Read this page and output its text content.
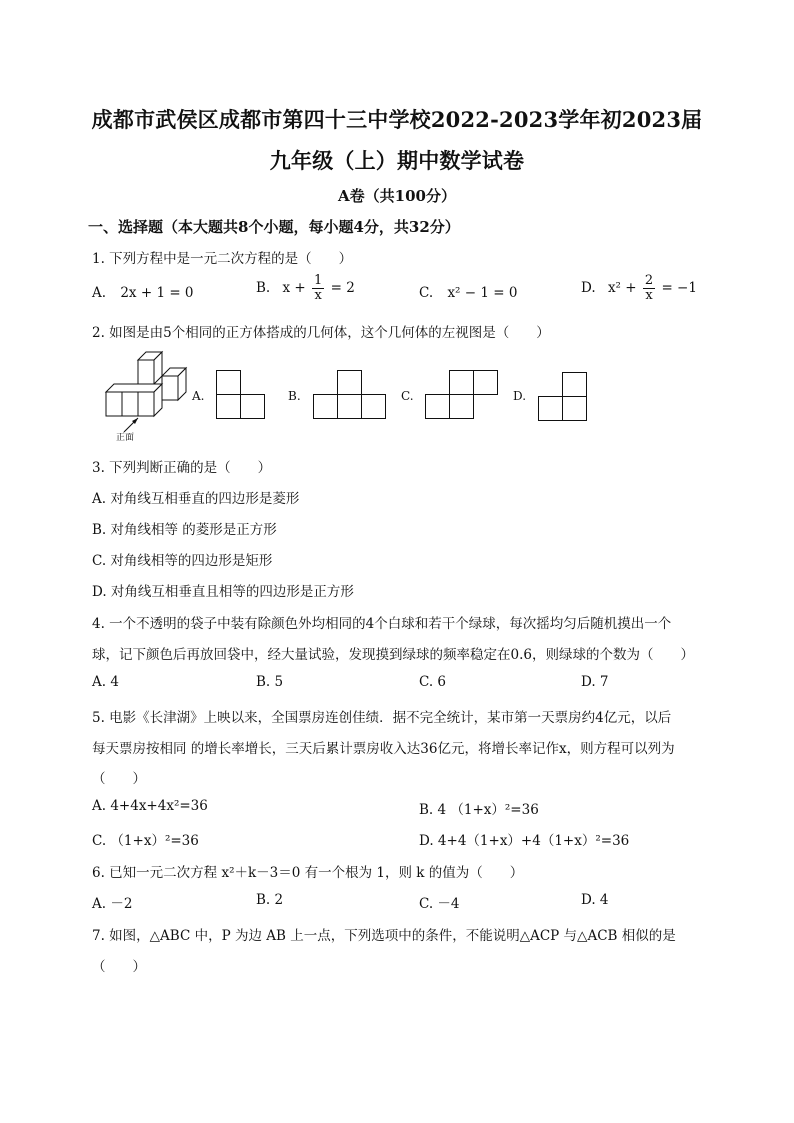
成都市武侯区成都市第四十三中学校2022-2023学年初2023届
九年级（上）期中数学试卷
A卷（共100分）
一、选择题（本大题共8个小题，每小题4分，共32分）
1. 下列方程中是一元二次方程的是（　　）
A. 2x + 1 = 0	B. $x + \frac{1}{x} = 2$	C. x² − 1 = 0	D. $x^2 + \frac{2}{x} = -1$
2. 如图是由5个相同的正方体搭成的几何体，这个几何体的左视图是（　　）
正面
A.	B.	C.	D.
3. 下列判断正确的是（　　）
A. 对角线互相垂直的四边形是菱形
B. 对角线相等 的菱形是正方形
C. 对角线相等的四边形是矩形
D. 对角线互相垂直且相等的四边形是正方形
4. 一个不透明的袋子中装有除颜色外均相同的4个白球和若干个绿球，每次摇均匀后随机摸出一个
球，记下颜色后再放回袋中，经大量试验，发现摸到绿球的频率稳定在0.6，则绿球的个数为（　　）
A. 4	B. 5	C. 6	D. 7
5. 电影《长津湖》上映以来，全国票房连创佳绩．据不完全统计，某市第一天票房约4亿元，以后
每天票房按相同 的增长率增长，三天后累计票房收入达36亿元，将增长率记作x，则方程可以列为
（　　）
A. 4+4x+4x²=36	B. 4 （1+x）²=36
C. （1+x）²=36	D. 4+4（1+x）+4（1+x）²=36
6. 已知一元二次方程 x²＋k－3＝0 有一个根为 1，则 k 的值为（　　）
A. －2	B. 2	C. －4	D. 4
7. 如图，△ABC 中，P 为边 AB 上一点，下列选项中的条件，不能说明△ACP 与△ACB 相似的是
（　　）
